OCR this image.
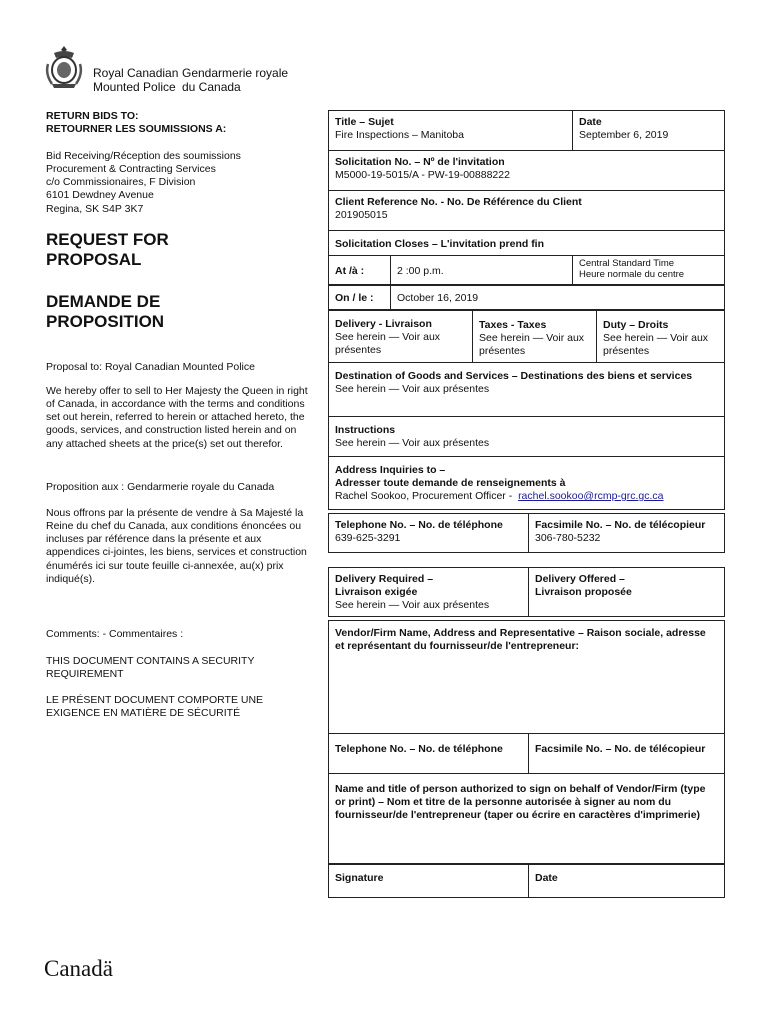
Royal Canadian
Mounted Police
Gendarmerie royale
du Canada
RETURN BIDS TO:
RETOURNER LES SOUMISSIONS A:
Bid Receiving/Réception des soumissions
Procurement & Contracting Services
c/o Commissionaires, F Division
6101 Dewdney Avenue
Regina, SK S4P 3K7
REQUEST FOR
PROPOSAL
DEMANDE DE
PROPOSITION
Proposal to: Royal Canadian Mounted Police
We hereby offer to sell to Her Majesty the Queen in right of Canada, in accordance with the terms and conditions set out herein, referred to herein or attached hereto, the goods, services, and construction listed herein and on any attached sheets at the price(s) set out therefor.
Proposition aux : Gendarmerie royale du Canada
Nous offrons par la présente de vendre à Sa Majesté la Reine du chef du Canada, aux conditions énoncées ou incluses par référence dans la présente et aux appendices ci-jointes, les biens, services et construction énumérés ici sur toute feuille ci-annexée, au(x) prix indiqué(s).
Comments: - Commentaires :
THIS DOCUMENT CONTAINS A SECURITY REQUIREMENT
LE PRÉSENT DOCUMENT COMPORTE UNE EXIGENCE EN MATIÈRE DE SÉCURITÉ
Canadä
Title – Sujet
Fire Inspections – Manitoba
Date
September 6, 2019
Solicitation No. – Nº de l'invitation
M5000-19-5015/A - PW-19-00888222
Client Reference No. - No. De Référence du Client
201905015
Solicitation Closes – L'invitation prend fin
At /à :	2 :00 p.m.
Central Standard Time
Heure normale du centre
On / le :	October 16, 2019
Delivery - Livraison
See herein — Voir aux présentes
Taxes - Taxes
See herein — Voir aux présentes
Duty – Droits
See herein — Voir aux présentes
Destination of Goods and Services – Destinations des biens et services
See herein — Voir aux présentes
Instructions
See herein — Voir aux présentes
Address Inquiries to –
Adresser toute demande de renseignements à
Rachel Sookoo, Procurement Officer - rachel.sookoo@rcmp-grc.gc.ca
Telephone No. – No. de téléphone
639-625-3291
Facsimile No. – No. de télécopieur
306-780-5232
Delivery Required –
Livraison exigée
See herein — Voir aux présentes
Delivery Offered –
Livraison proposée
Vendor/Firm Name, Address and Representative – Raison sociale, adresse et représentant du fournisseur/de l'entrepreneur:
Telephone No. – No. de téléphone	Facsimile No. – No. de télécopieur
Name and title of person authorized to sign on behalf of Vendor/Firm (type or print) – Nom et titre de la personne autorisée à signer au nom du fournisseur/de l'entrepreneur (taper ou écrire en caractères d'imprimerie)
Signature	Date
